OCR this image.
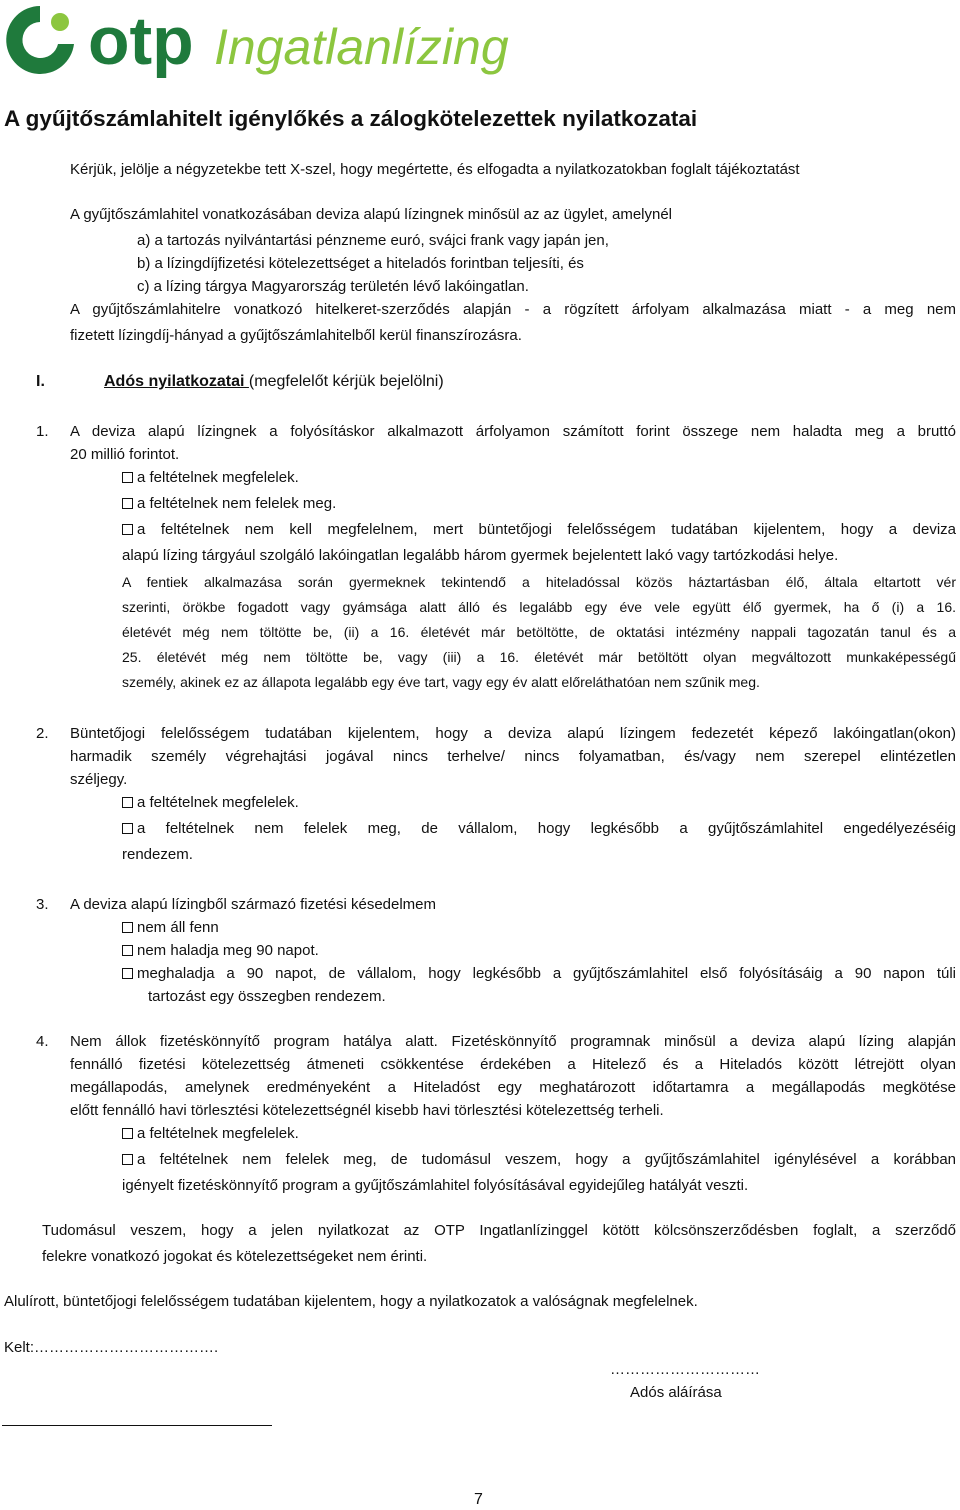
otp Ingatlanlízing
A gyűjtőszámlahitelt igénylőkés a zálogkötelezettek nyilatkozatai
Kérjük, jelölje a négyzetekbe tett X-szel, hogy megértette, és elfogadta a nyilatkozatokban foglalt tájékoztatást
A gyűjtőszámlahitel vonatkozásában deviza alapú lízingnek minősül az az ügylet, amelynél
a) a tartozás nyilvántartási pénzneme euró, svájci frank vagy japán jen,
b) a lízingdíjfizetési kötelezettséget a hiteladós forintban teljesíti, és
c) a lízing tárgya Magyarország területén lévő lakóingatlan.
A gyűjtőszámlahitelre vonatkozó hitelkeret-szerződés alapján - a rögzített árfolyam alkalmazása miatt - a meg nem
fizetett lízingdíj-hányad a gyűjtőszámlahitelből kerül finanszírozásra.
I.	Adós nyilatkozatai (megfelelőt kérjük bejelölni)
1. A deviza alapú lízingnek a folyósításkor alkalmazott árfolyamon számított forint összege nem haladta meg a bruttó
20 millió forintot.
a feltételnek megfelelek.
a feltételnek nem felelek meg.
a feltételnek nem kell megfelelnem, mert büntetőjogi felelősségem tudatában kijelentem, hogy a deviza
alapú lízing tárgyául szolgáló lakóingatlan legalább három gyermek bejelentett lakó vagy tartózkodási helye.
A fentiek alkalmazása során gyermeknek tekintendő a hiteladóssal közös háztartásban élő, általa eltartott vér
szerinti, örökbe fogadott vagy gyámsága alatt álló és legalább egy éve vele együtt élő gyermek, ha ő (i) a 16.
életévét még nem töltötte be, (ii) a 16. életévét már betöltötte, de oktatási intézmény nappali tagozatán tanul és a
25. életévét még nem töltötte be, vagy (iii) a 16. életévét már betöltött olyan megváltozott munkaképességű
személy, akinek ez az állapota legalább egy éve tart, vagy egy év alatt előreláthatóan nem szűnik meg.
2. Büntetőjogi felelősségem tudatában kijelentem, hogy a deviza alapú lízingem fedezetét képező lakóingatlan(okon)
harmadik személy végrehajtási jogával nincs terhelve/ nincs folyamatban, és/vagy nem szerepel elintézetlen
széljegy.
a feltételnek megfelelek.
a feltételnek nem felelek meg, de vállalom, hogy legkésőbb a gyűjtőszámlahitel engedélyezéséig
rendezem.
3. A deviza alapú lízingből származó fizetési késedelmem
nem áll fenn
nem haladja meg 90 napot.
meghaladja a 90 napot, de vállalom, hogy legkésőbb a gyűjtőszámlahitel első folyósításáig a 90 napon túli
tartozást egy összegben rendezem.
4. Nem állok fizetéskönnyítő program hatálya alatt. Fizetéskönnyítő programnak minősül a deviza alapú lízing alapján
fennálló fizetési kötelezettség átmeneti csökkentése érdekében a Hitelező és a Hiteladós között létrejött olyan
megállapodás, amelynek eredményeként a Hiteladóst egy meghatározott időtartamra a megállapodás megkötése
előtt fennálló havi törlesztési kötelezettségnél kisebb havi törlesztési kötelezettség terheli.
a feltételnek megfelelek.
a feltételnek nem felelek meg, de tudomásul veszem, hogy a gyűjtőszámlahitel igénylésével a korábban
igényelt fizetéskönnyítő program a gyűjtőszámlahitel folyósításával egyidejűleg hatályát veszti.
Tudomásul veszem, hogy a jelen nyilatkozat az OTP Ingatlanlízinggel kötött kölcsönszerződésben foglalt, a szerződő
felekre vonatkozó jogokat és kötelezettségeket nem érinti.
Alulírott, büntetőjogi felelősségem tudatában kijelentem, hogy a nyilatkozatok a valóságnak megfelelnek.
Kelt:……………………………….
…………………………
Adós aláírása
7
